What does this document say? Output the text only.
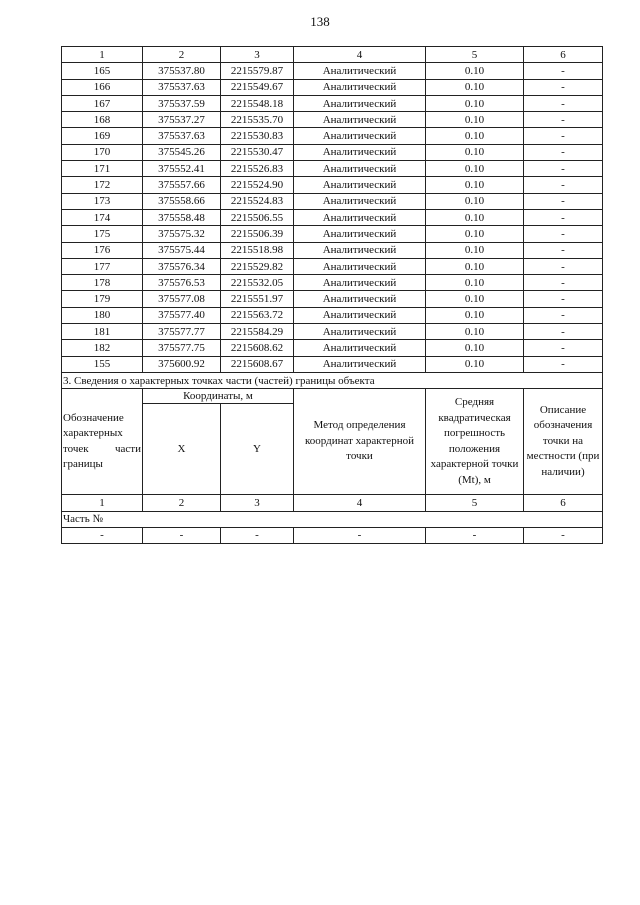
138
1	2	3	4	5	6
165	375537.80	2215579.87	Аналитический	0.10	-
166	375537.63	2215549.67	Аналитический	0.10	-
167	375537.59	2215548.18	Аналитический	0.10	-
168	375537.27	2215535.70	Аналитический	0.10	-
169	375537.63	2215530.83	Аналитический	0.10	-
170	375545.26	2215530.47	Аналитический	0.10	-
171	375552.41	2215526.83	Аналитический	0.10	-
172	375557.66	2215524.90	Аналитический	0.10	-
173	375558.66	2215524.83	Аналитический	0.10	-
174	375558.48	2215506.55	Аналитический	0.10	-
175	375575.32	2215506.39	Аналитический	0.10	-
176	375575.44	2215518.98	Аналитический	0.10	-
177	375576.34	2215529.82	Аналитический	0.10	-
178	375576.53	2215532.05	Аналитический	0.10	-
179	375577.08	2215551.97	Аналитический	0.10	-
180	375577.40	2215563.72	Аналитический	0.10	-
181	375577.77	2215584.29	Аналитический	0.10	-
182	375577.75	2215608.62	Аналитический	0.10	-
155	375600.92	2215608.67	Аналитический	0.10	-
3. Сведения о характерных точках части (частей) границы объекта					

Обозначение
характерных
точек части
границы	Координаты, м		Метод определения координат характерной точки	Средняя квадратическая погрешность положения характерной точки (Mt), м	Описание обозначения точки на местности (при наличии)
	X	Y			
1	2	3	4	5	6
Часть №					
-	-	-	-	-	-
